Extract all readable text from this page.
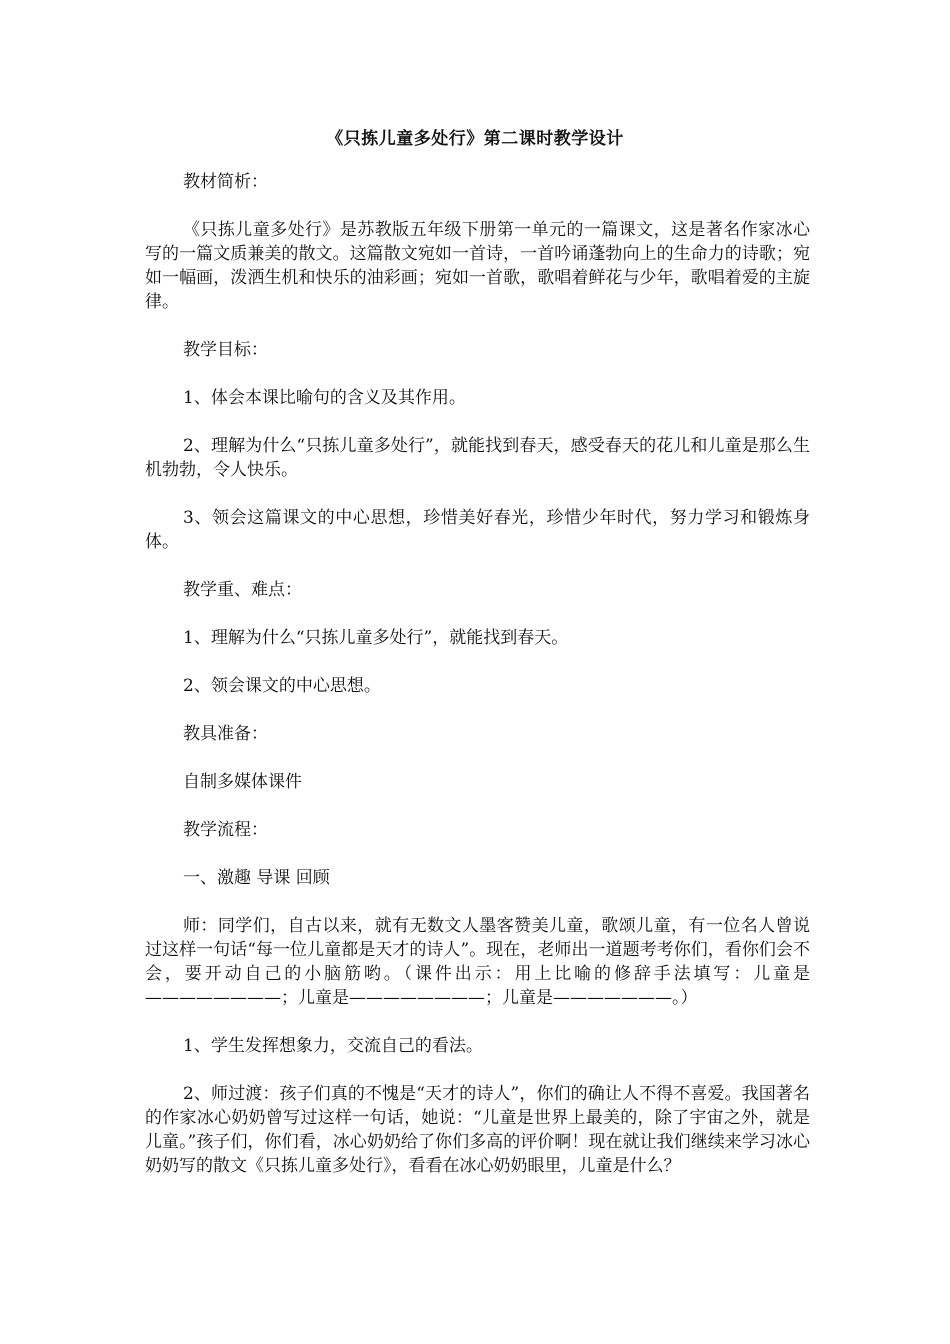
《只拣儿童多处行》第二课时教学设计

教材简析：

《只拣儿童多处行》是苏教版五年级下册第一单元的一篇课文，这是著名作家冰心写的一篇文质兼美的散文。这篇散文宛如一首诗，一首吟诵蓬勃向上的生命力的诗歌；宛如一幅画，泼洒生机和快乐的油彩画；宛如一首歌，歌唱着鲜花与少年，歌唱着爱的主旋律。

教学目标：

1、体会本课比喻句的含义及其作用。

2、理解为什么“只拣儿童多处行”，就能找到春天，感受春天的花儿和儿童是那么生机勃勃，令人快乐。

3、领会这篇课文的中心思想，珍惜美好春光，珍惜少年时代，努力学习和锻炼身体。

教学重、难点：

1、理解为什么“只拣儿童多处行”，就能找到春天。

2、领会课文的中心思想。

教具准备：

自制多媒体课件

教学流程：

一、激趣 导课 回顾

师：同学们，自古以来，就有无数文人墨客赞美儿童，歌颂儿童，有一位名人曾说过这样一句话“每一位儿童都是天才的诗人”。现在，老师出一道题考考你们，看你们会不会，要开动自己的小脑筋哟。（课件出示：用上比喻的修辞手法填写：儿童是————————；儿童是————————；儿童是———————。）

1、学生发挥想象力，交流自己的看法。

2、师过渡：孩子们真的不愧是“天才的诗人”，你们的确让人不得不喜爱。我国著名的作家冰心奶奶曾写过这样一句话，她说：“儿童是世界上最美的，除了宇宙之外，就是儿童。”孩子们，你们看，冰心奶奶给了你们多高的评价啊！现在就让我们继续来学习冰心奶奶写的散文《只拣儿童多处行》，看看在冰心奶奶眼里，儿童是什么？
